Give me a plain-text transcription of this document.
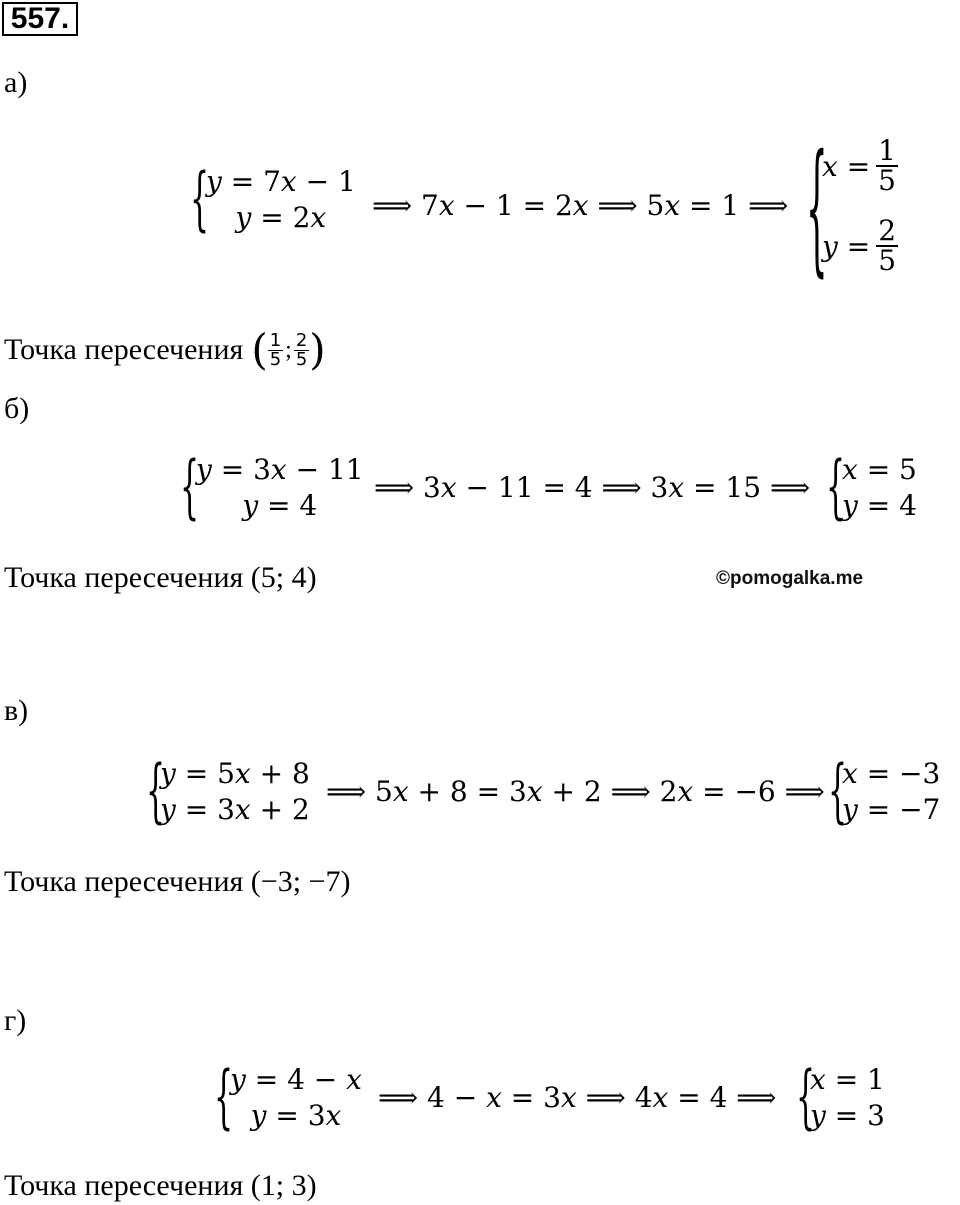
557.
а)
{
𝑦 = 7𝑥 − 1
𝑦 = 2𝑥	⟹ 7𝑥 − 1 = 2𝑥 ⟹ 5𝑥 = 1 ⟹ {
𝑥 = $\frac{1}{5}$
𝑦 = $\frac{2}{5}$
Точка пересечения ( $\frac{1}{5}$ ; $\frac{2}{5}$ )
б)
{
𝑦 = 3𝑥 − 11
𝑦 = 4
⟹ 3𝑥 − 11 = 4 ⟹ 3𝑥 = 15 ⟹ {
𝑥 = 5
𝑦 = 4
Точка пересечения (5; 4)	©pomogalka.me
в)
{
𝑦 = 5𝑥 + 8
𝑦 = 3𝑥 + 2
⟹ 5𝑥 + 8 = 3𝑥 + 2 ⟹ 2𝑥 = −6 ⟹ {
𝑥 = −3
𝑦 = −7
Точка пересечения (−3; −7)
г)
{
𝑦 = 4 − 𝑥
𝑦 = 3𝑥
⟹ 4 − 𝑥 = 3𝑥 ⟹ 4𝑥 = 4 ⟹ {
𝑥 = 1
𝑦 = 3
Точка пересечения (1; 3)
